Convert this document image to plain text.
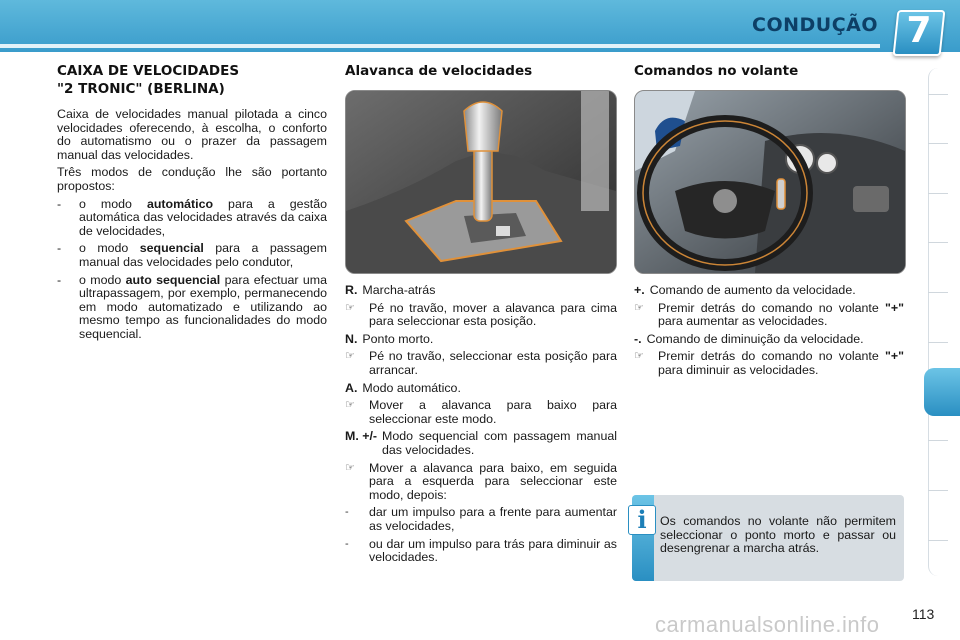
CONDUÇÃO 7
CAIXA DE VELOCIDADES
"2 TRONIC" (BERLINA)

Caixa de velocidades manual pilotada a cinco velocidades oferecendo, à escolha, o conforto do automatismo ou o prazer da passagem manual das velocidades.

Três modos de condução lhe são portanto propostos:

-	o modo automático para a gestão automática das velocidades através da caixa de velocidades,
-	o modo sequencial para a passagem manual das velocidades pelo condutor,
-	o modo auto sequencial para efectuar uma ultrapassagem, por exemplo, permanecendo em modo automatizado e utilizando ao mesmo tempo as funcionalidades do modo sequencial.
Alavanca de velocidades
R. Marcha-atrás
☞	Pé no travão, mover a alavanca para cima para seleccionar esta posição.
N. Ponto morto.
☞	Pé no travão, seleccionar esta posição para arrancar.
A. Modo automático.
☞	Mover a alavanca para baixo para seleccionar este modo.
M. +/- Modo sequencial com passagem manual das velocidades.
☞	Mover a alavanca para baixo, em seguida para a esquerda para seleccionar este modo, depois:
-	dar um impulso para a frente para aumentar as velocidades,
-	ou dar um impulso para trás para diminuir as velocidades.
Comandos no volante
+. Comando de aumento da velocidade.
☞	Premir detrás do comando no volante "+" para aumentar as velocidades.
-. Comando de diminuição da velocidade.
☞	Premir detrás do comando no volante "+" para diminuir as velocidades.
i	Os comandos no volante não permitem seleccionar o ponto morto e passar ou desengrenar a marcha atrás.
carmanualsonline.info 113
